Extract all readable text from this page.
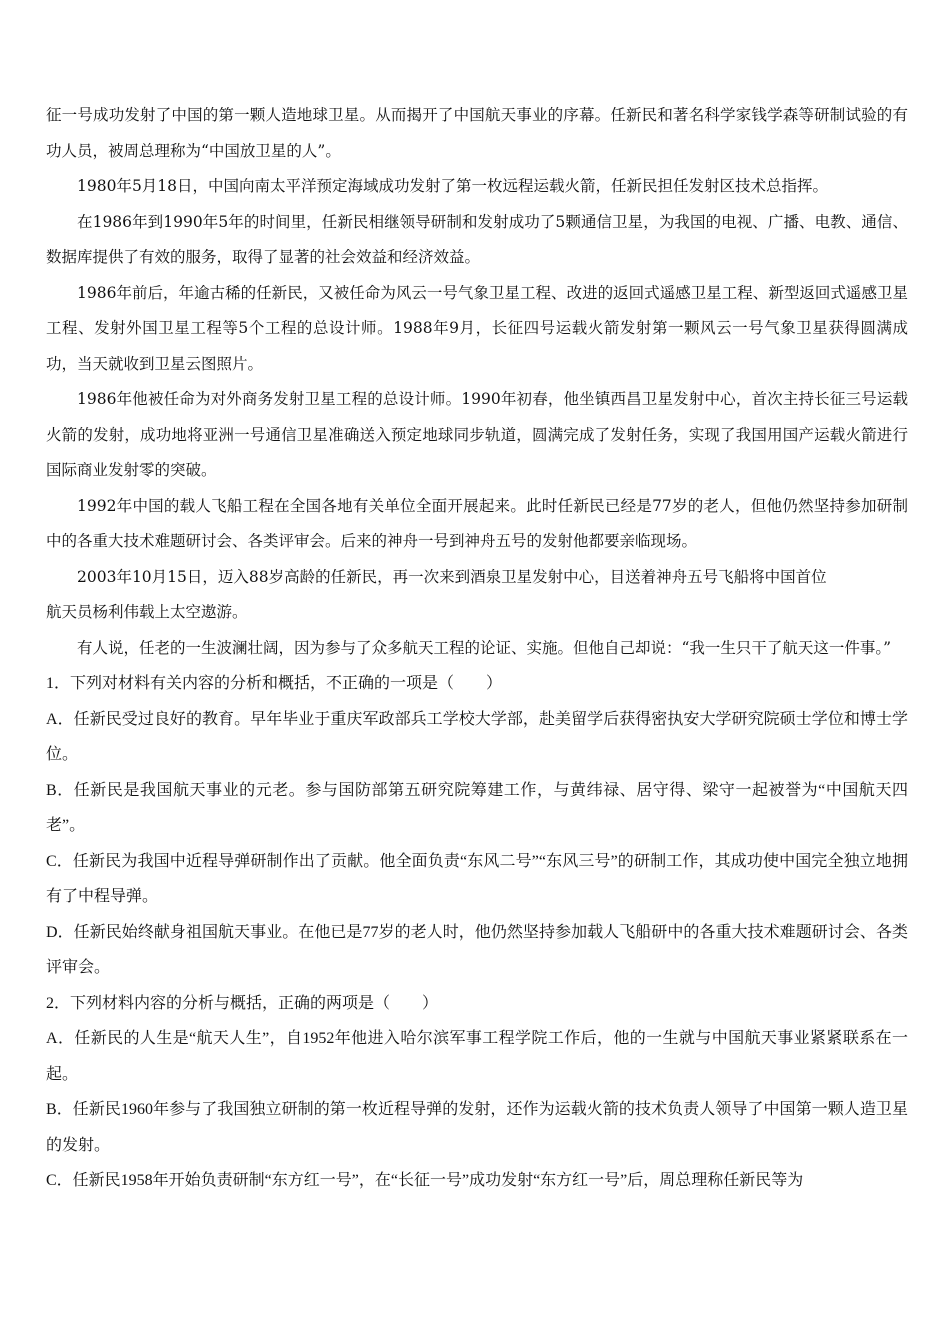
征一号成功发射了中国的第一颗人造地球卫星。从而揭开了中国航天事业的序幕。任新民和著名科学家钱学森等研制试验的有功人员，被周总理称为“中国放卫星的人”。

1980年5月18日，中国向南太平洋预定海域成功发射了第一枚远程运载火箭，任新民担任发射区技术总指挥。

在1986年到1990年5年的时间里，任新民相继领导研制和发射成功了5颗通信卫星，为我国的电视、广播、电教、通信、数据库提供了有效的服务，取得了显著的社会效益和经济效益。

1986年前后，年逾古稀的任新民，又被任命为风云一号气象卫星工程、改进的返回式遥感卫星工程、新型返回式遥感卫星工程、发射外国卫星工程等5个工程的总设计师。1988年9月，长征四号运载火箭发射第一颗风云一号气象卫星获得圆满成功，当天就收到卫星云图照片。

1986年他被任命为对外商务发射卫星工程的总设计师。1990年初春，他坐镇西昌卫星发射中心，首次主持长征三号运载火箭的发射，成功地将亚洲一号通信卫星准确送入预定地球同步轨道，圆满完成了发射任务，实现了我国用国产运载火箭进行国际商业发射零的突破。

1992年中国的载人飞船工程在全国各地有关单位全面开展起来。此时任新民已经是77岁的老人，但他仍然坚持参加研制中的各重大技术难题研讨会、各类评审会。后来的神舟一号到神舟五号的发射他都要亲临现场。

2003年10月15日，迈入88岁高龄的任新民，再一次来到酒泉卫星发射中心，目送着神舟五号飞船将中国首位

航天员杨利伟载上太空遨游。

有人说，任老的一生波澜壮阔，因为参与了众多航天工程的论证、实施。但他自己却说：“我一生只干了航天这一件事。”

1．下列对材料有关内容的分析和概括，不正确的一项是（　　）

A．任新民受过良好的教育。早年毕业于重庆军政部兵工学校大学部，赴美留学后获得密执安大学研究院硕士学位和博士学位。

B．任新民是我国航天事业的元老。参与国防部第五研究院筹建工作，与黄纬禄、居守得、梁守一起被誉为“中国航天四老”。

C．任新民为我国中近程导弹研制作出了贡献。他全面负责“东风二号”“东风三号”的研制工作，其成功使中国完全独立地拥有了中程导弹。

D．任新民始终献身祖国航天事业。在他已是77岁的老人时，他仍然坚持参加载人飞船研中的各重大技术难题研讨会、各类评审会。

2．下列材料内容的分析与概括，正确的两项是（　　）

A．任新民的人生是“航天人生”，自1952年他进入哈尔滨军事工程学院工作后，他的一生就与中国航天事业紧紧联系在一起。

B．任新民1960年参与了我国独立研制的第一枚近程导弹的发射，还作为运载火箭的技术负责人领导了中国第一颗人造卫星的发射。

C．任新民1958年开始负责研制“东方红一号”，在“长征一号”成功发射“东方红一号”后，周总理称任新民等为
